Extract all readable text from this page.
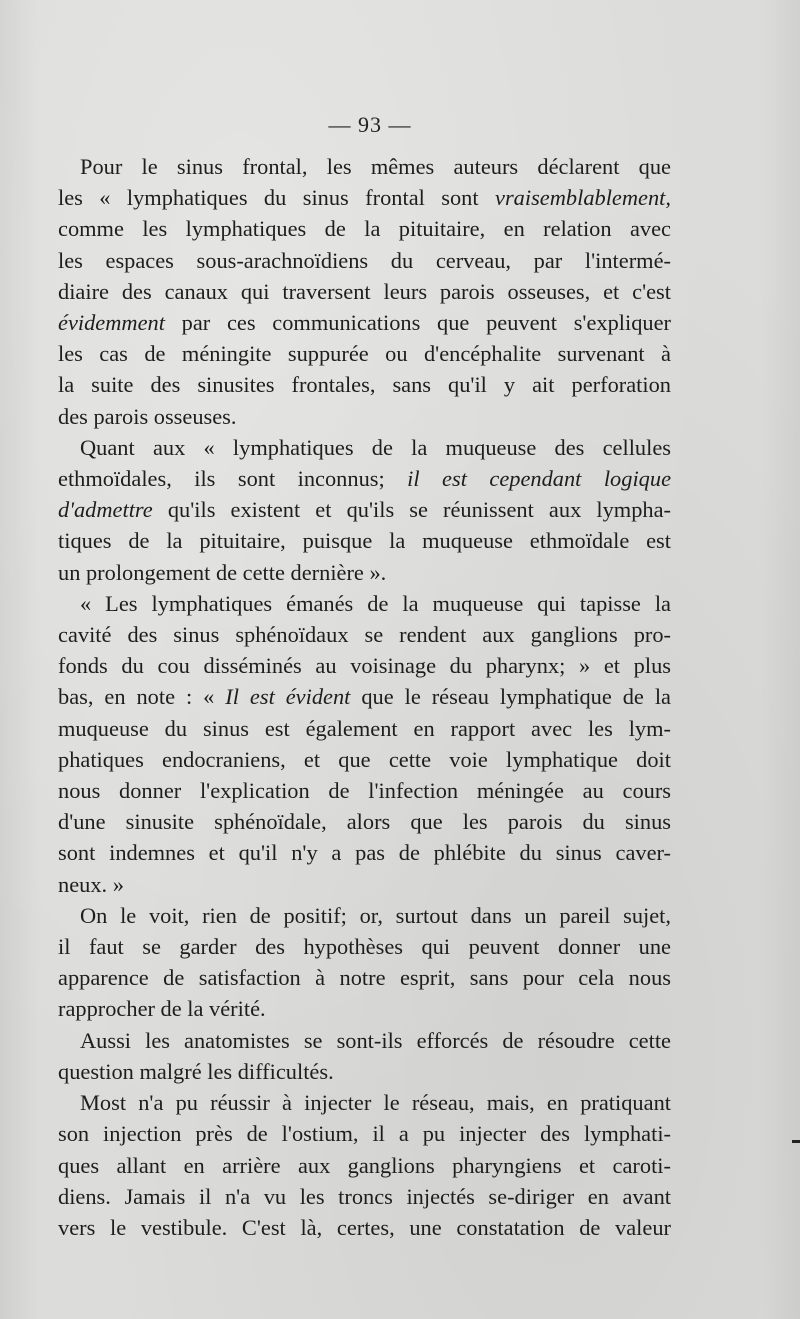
— 93 —
Pour le sinus frontal, les mêmes auteurs déclarent que
les « lymphatiques du sinus frontal sont vraisemblablement,
comme les lymphatiques de la pituitaire, en relation avec
les espaces sous-arachnoïdiens du cerveau, par l'intermé-
diaire des canaux qui traversent leurs parois osseuses, et c'est
évidemment par ces communications que peuvent s'expliquer
les cas de méningite suppurée ou d'encéphalite survenant à
la suite des sinusites frontales, sans qu'il y ait perforation
des parois osseuses.
Quant aux « lymphatiques de la muqueuse des cellules
ethmoïdales, ils sont inconnus; il est cependant logique
d'admettre qu'ils existent et qu'ils se réunissent aux lympha-
tiques de la pituitaire, puisque la muqueuse ethmoïdale est
un prolongement de cette dernière ».
« Les lymphatiques émanés de la muqueuse qui tapisse la
cavité des sinus sphénoïdaux se rendent aux ganglions pro-
fonds du cou disséminés au voisinage du pharynx; » et plus
bas, en note : « Il est évident que le réseau lymphatique de la
muqueuse du sinus est également en rapport avec les lym-
phatiques endocraniens, et que cette voie lymphatique doit
nous donner l'explication de l'infection méningée au cours
d'une sinusite sphénoïdale, alors que les parois du sinus
sont indemnes et qu'il n'y a pas de phlébite du sinus caver-
neux. »
On le voit, rien de positif; or, surtout dans un pareil sujet,
il faut se garder des hypothèses qui peuvent donner une
apparence de satisfaction à notre esprit, sans pour cela nous
rapprocher de la vérité.
Aussi les anatomistes se sont-ils efforcés de résoudre cette
question malgré les difficultés.
Most n'a pu réussir à injecter le réseau, mais, en pratiquant
son injection près de l'ostium, il a pu injecter des lymphati-
ques allant en arrière aux ganglions pharyngiens et caroti-
diens. Jamais il n'a vu les troncs injectés se-diriger en avant
vers le vestibule. C'est là, certes, une constatation de valeur
